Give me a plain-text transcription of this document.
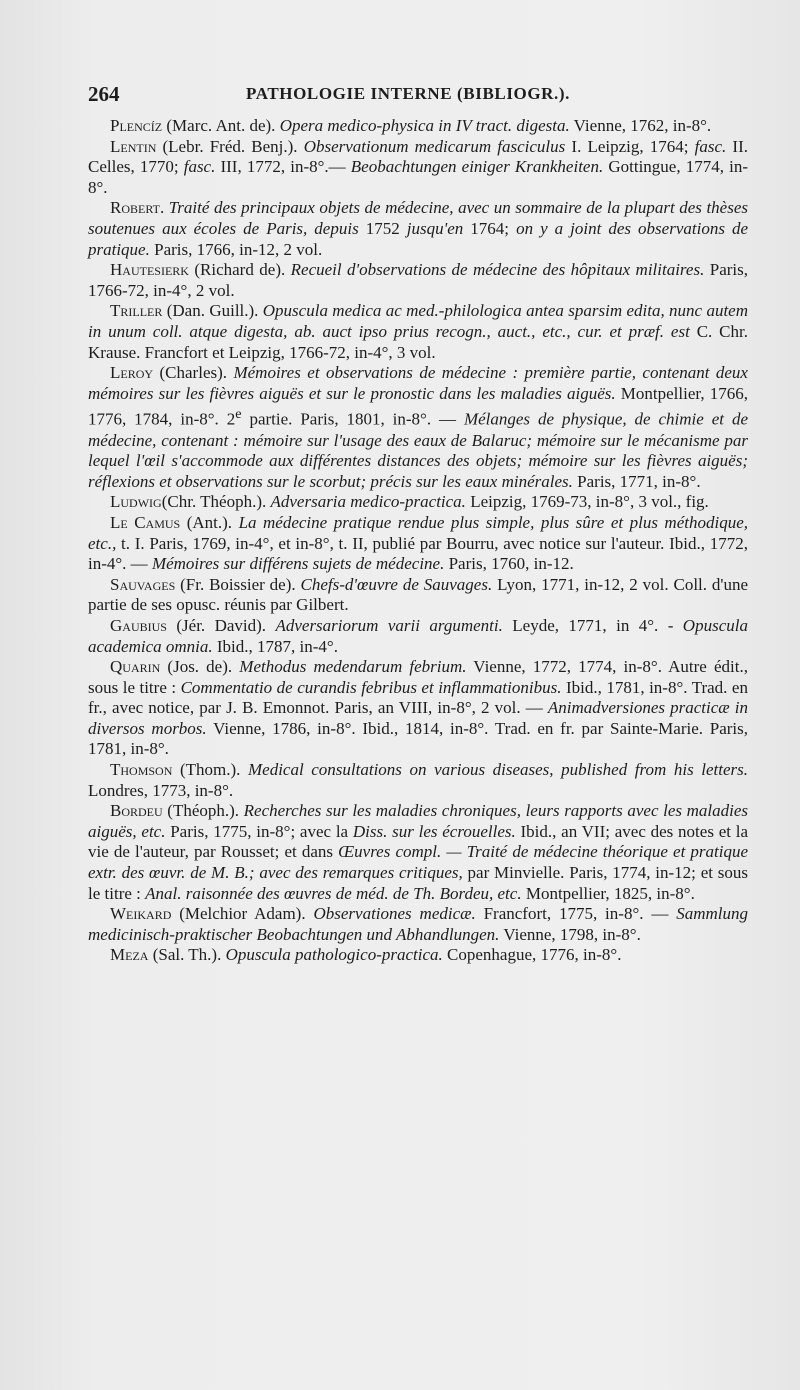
264	PATHOLOGIE INTERNE (BIBLIOGR.).

Plencíz (Marc. Ant. de). Opera medico-physica in IV tract. digesta. Vienne, 1762, in-8°.

Lentin (Lebr. Fréd. Benj.). Observationum medicarum fasciculus I. Leipzig, 1764; fasc. II. Celles, 1770; fasc. III, 1772, in-8°.— Beobachtungen einiger Krankheiten. Gottingue, 1774, in-8°.

Robert. Traité des principaux objets de médecine, avec un sommaire de la plupart des thèses soutenues aux écoles de Paris, depuis 1752 jusqu'en 1764; on y a joint des observations de pratique. Paris, 1766, in-12, 2 vol.

Hautesierk (Richard de). Recueil d'observations de médecine des hôpitaux militaires. Paris, 1766-72, in-4°, 2 vol.

Triller (Dan. Guill.). Opuscula medica ac med.-philologica antea sparsim edita, nunc autem in unum coll. atque digesta, ab. auct ipso prius recogn., auct., etc., cur. et præf. est C. Chr. Krause. Francfort et Leipzig, 1766-72, in-4°, 3 vol.

Leroy (Charles). Mémoires et observations de médecine : première partie, contenant deux mémoires sur les fièvres aiguës et sur le pronostic dans les maladies aiguës. Montpellier, 1766, 1776, 1784, in-8°. 2e partie. Paris, 1801, in-8°. — Mélanges de physique, de chimie et de médecine, contenant : mémoire sur l'usage des eaux de Balaruc; mémoire sur le mécanisme par lequel l'œil s'accommode aux différentes distances des objets; mémoire sur les fièvres aiguës; réflexions et observations sur le scorbut; précis sur les eaux minérales. Paris, 1771, in-8°.

Ludwig(Chr. Théoph.). Adversaria medico-practica. Leipzig, 1769-73, in-8°, 3 vol., fig.

Le Camus (Ant.). La médecine pratique rendue plus simple, plus sûre et plus méthodique, etc., t. I. Paris, 1769, in-4°, et in-8°, t. II, publié par Bourru, avec notice sur l'auteur. Ibid., 1772, in-4°. — Mémoires sur différens sujets de médecine. Paris, 1760, in-12.

Sauvages (Fr. Boissier de). Chefs-d'œuvre de Sauvages. Lyon, 1771, in-12, 2 vol. Coll. d'une partie de ses opusc. réunis par Gilbert.

Gaubius (Jér. David). Adversariorum varii argumenti. Leyde, 1771, in 4°. - Opuscula academica omnia. Ibid., 1787, in-4°.

Quarin (Jos. de). Methodus medendarum febrium. Vienne, 1772, 1774, in-8°. Autre édit., sous le titre : Commentatio de curandis febribus et inflammationibus. Ibid., 1781, in-8°. Trad. en fr., avec notice, par J. B. Emonnot. Paris, an VIII, in-8°, 2 vol. — Animadversiones practicæ in diversos morbos. Vienne, 1786, in-8°. Ibid., 1814, in-8°. Trad. en fr. par Sainte-Marie. Paris, 1781, in-8°.

Thomson (Thom.). Medical consultations on various diseases, published from his letters. Londres, 1773, in-8°.

Bordeu (Théoph.). Recherches sur les maladies chroniques, leurs rapports avec les maladies aiguës, etc. Paris, 1775, in-8°; avec la Diss. sur les écrouelles. Ibid., an VII; avec des notes et la vie de l'auteur, par Rousset; et dans Œuvres compl. — Traité de médecine théorique et pratique extr. des œuvr. de M. B.; avec des remarques critiques, par Minvielle. Paris, 1774, in-12; et sous le titre : Anal. raisonnée des œuvres de méd. de Th. Bordeu, etc. Montpellier, 1825, in-8°.

Weikard (Melchior Adam). Observationes medicæ. Francfort, 1775, in-8°. — Sammlung medicinisch-praktischer Beobachtungen und Abhandlungen. Vienne, 1798, in-8°.

Meza (Sal. Th.). Opuscula pathologico-practica. Copenhague, 1776, in-8°.
